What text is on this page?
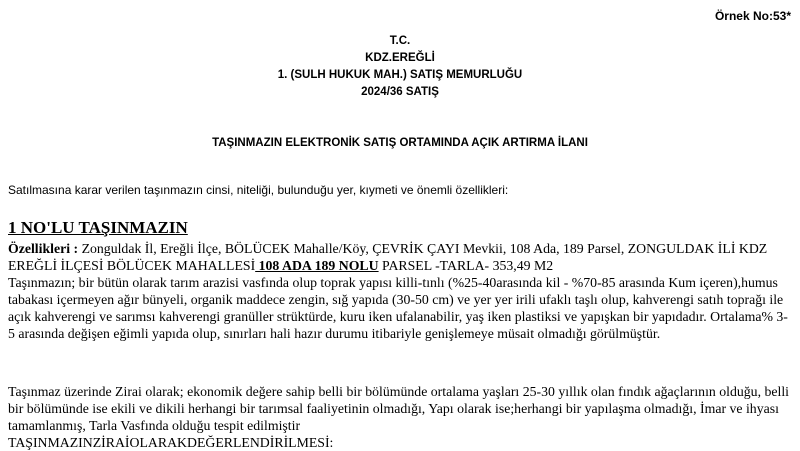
Örnek No:53*
T.C.
KDZ.EREĞLİ
1. (SULH HUKUK MAH.) SATIŞ MEMURLUĞU
2024/36 SATIŞ
TAŞINMAZIN ELEKTRONİK SATIŞ ORTAMINDA AÇIK ARTIRMA İLANI
Satılmasına karar verilen taşınmazın cinsi, niteliği, bulunduğu yer, kıymeti ve önemli özellikleri:
1 NO'LU TAŞINMAZIN

Özellikleri : Zonguldak İl, Ereğli İlçe, BÖLÜCEK Mahalle/Köy, ÇEVRİK ÇAYI Mevkii, 108 Ada, 189 Parsel, ZONGULDAK İLİ KDZ EREĞLİ İLÇESİ BÖLÜCEK MAHALLESİ 108 ADA 189 NOLU PARSEL -TARLA- 353,49 M2

Taşınmazın; bir bütün olarak tarım arazisi vasfında olup toprak yapısı killi-tınlı (%25-40arasında kil - %70-85 arasında Kum içeren),humus tabakası içermeyen ağır bünyeli, organik maddece zengin, sığ yapıda (30-50 cm) ve yer yer irili ufaklı taşlı olup, kahverengi satıh toprağı ile açık kahverengi ve sarımsı kahverengi granüller strüktürde, kuru iken ufalanabilir, yaş iken plastiksi ve yapışkan bir yapıdadır. Ortalama% 3-5 arasında değişen eğimli yapıda olup, sınırları hali hazır durumu itibariyle genişlemeye müsait olmadığı görülmüştür.

Taşınmaz üzerinde Zirai olarak; ekonomik değere sahip belli bir bölümünde ortalama yaşları 25-30 yıllık olan fındık ağaçlarının olduğu, belli bir bölümünde ise ekili ve dikili herhangi bir tarımsal faaliyetinin olmadığı, Yapı olarak ise;herhangi bir yapılaşma olmadığı, İmar ve ihyası tamamlanmış, Tarla Vasfında olduğu tespit edilmiştir

TAŞINMAZINZİRAİOLARAKDEĞERLENDİRİLMESİ:
